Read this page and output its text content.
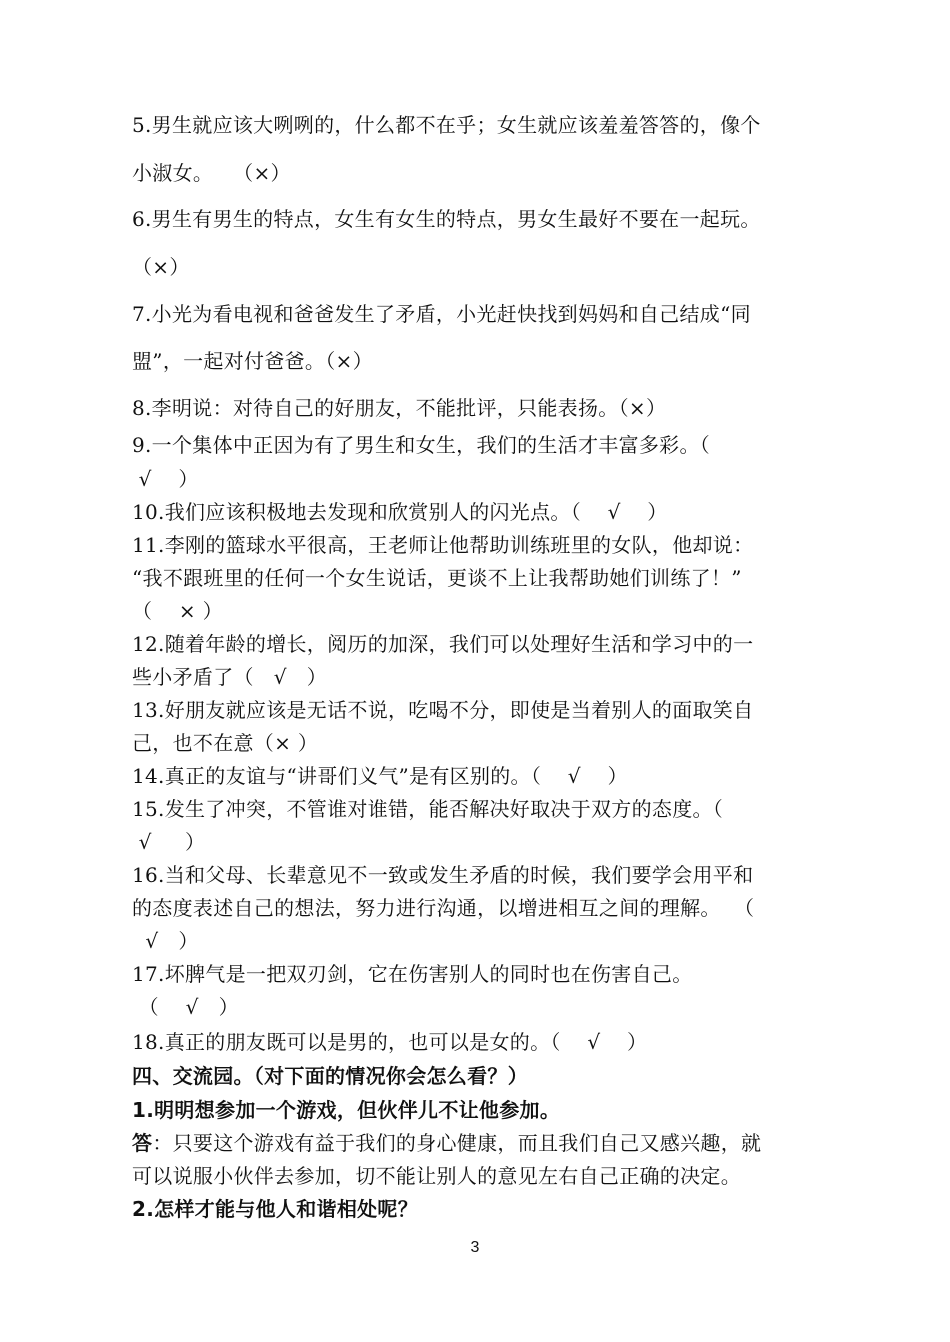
5.男生就应该大咧咧的，什么都不在乎；女生就应该羞羞答答的，像个
小淑女。   （×）
6.男生有男生的特点，女生有女生的特点，男女生最好不要在一起玩。
（×）
7.小光为看电视和爸爸发生了矛盾，小光赶快找到妈妈和自己结成“同
盟”，一起对付爸爸。（×）
8.李明说：对待自己的好朋友，不能批评，只能表扬。（×）
9.一个集体中正因为有了男生和女生，我们的生活才丰富多彩。（
√    ）
10.我们应该积极地去发现和欣赏别人的闪光点。（    √    ）
11.李刚的篮球水平很高，王老师让他帮助训练班里的女队，他却说：
“我不跟班里的任何一个女生说话，更谈不上让我帮助她们训练了！”
（    × ）
12.随着年龄的增长，阅历的加深，我们可以处理好生活和学习中的一
些小矛盾了（   √   ）
13.好朋友就应该是无话不说，吃喝不分，即使是当着别人的面取笑自
己，也不在意（× ）
14.真正的友谊与“讲哥们义气”是有区别的。（    √    ）
15.发生了冲突，不管谁对谁错，能否解决好取决于双方的态度。（
√     ）
16.当和父母、长辈意见不一致或发生矛盾的时候，我们要学会用平和
的态度表述自己的想法，努力进行沟通，以增进相互之间的理解。  （
√   ）
17.坏脾气是一把双刃剑，它在伤害别人的同时也在伤害自己。
（    √   ）
18.真正的朋友既可以是男的，也可以是女的。（    √    ）
四、交流园。（对下面的情况你会怎么看？）
1.明明想参加一个游戏，但伙伴儿不让他参加。
答：只要这个游戏有益于我们的身心健康，而且我们自己又感兴趣，就
可以说服小伙伴去参加，切不能让别人的意见左右自己正确的决定。
2.怎样才能与他人和谐相处呢？
3
